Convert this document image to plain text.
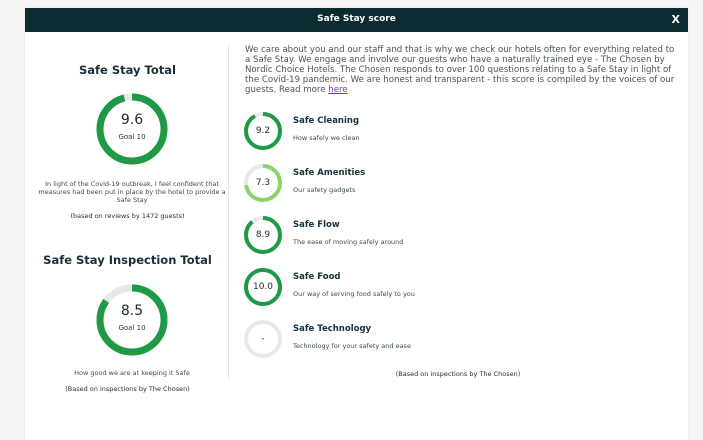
Safe Stay score	X
Safe Stay Total
9.6
Goal 10
In light of the Covid-19 outbreak, I feel confident that measures had been put in place by the hotel to provide a Safe Stay
(based on reviews by 1472 guests)
Safe Stay Inspection Total
8.5
Goal 10
How good we are at keeping it Safe
(Based on inspections by The Chosen)
We care about you and our staff and that is why we check our hotels often for everything related to a Safe Stay. We engage and involve our guests who have a naturally trained eye - The Chosen by Nordic Choice Hotels. The Chosen responds to over 100 questions relating to a Safe Stay in light of the Covid-19 pandemic. We are honest and transparent - this score is compiled by the voices of our guests. Read more here
9.2
Safe Cleaning
How safely we clean
7.3
Safe Amenities
Our safety gadgets
8.9
Safe Flow
The ease of moving safely around
10.0
Safe Food
Our way of serving food safely to you
-
Safe Technology
Technology for your safety and ease
(Based on inspections by The Chosen)
